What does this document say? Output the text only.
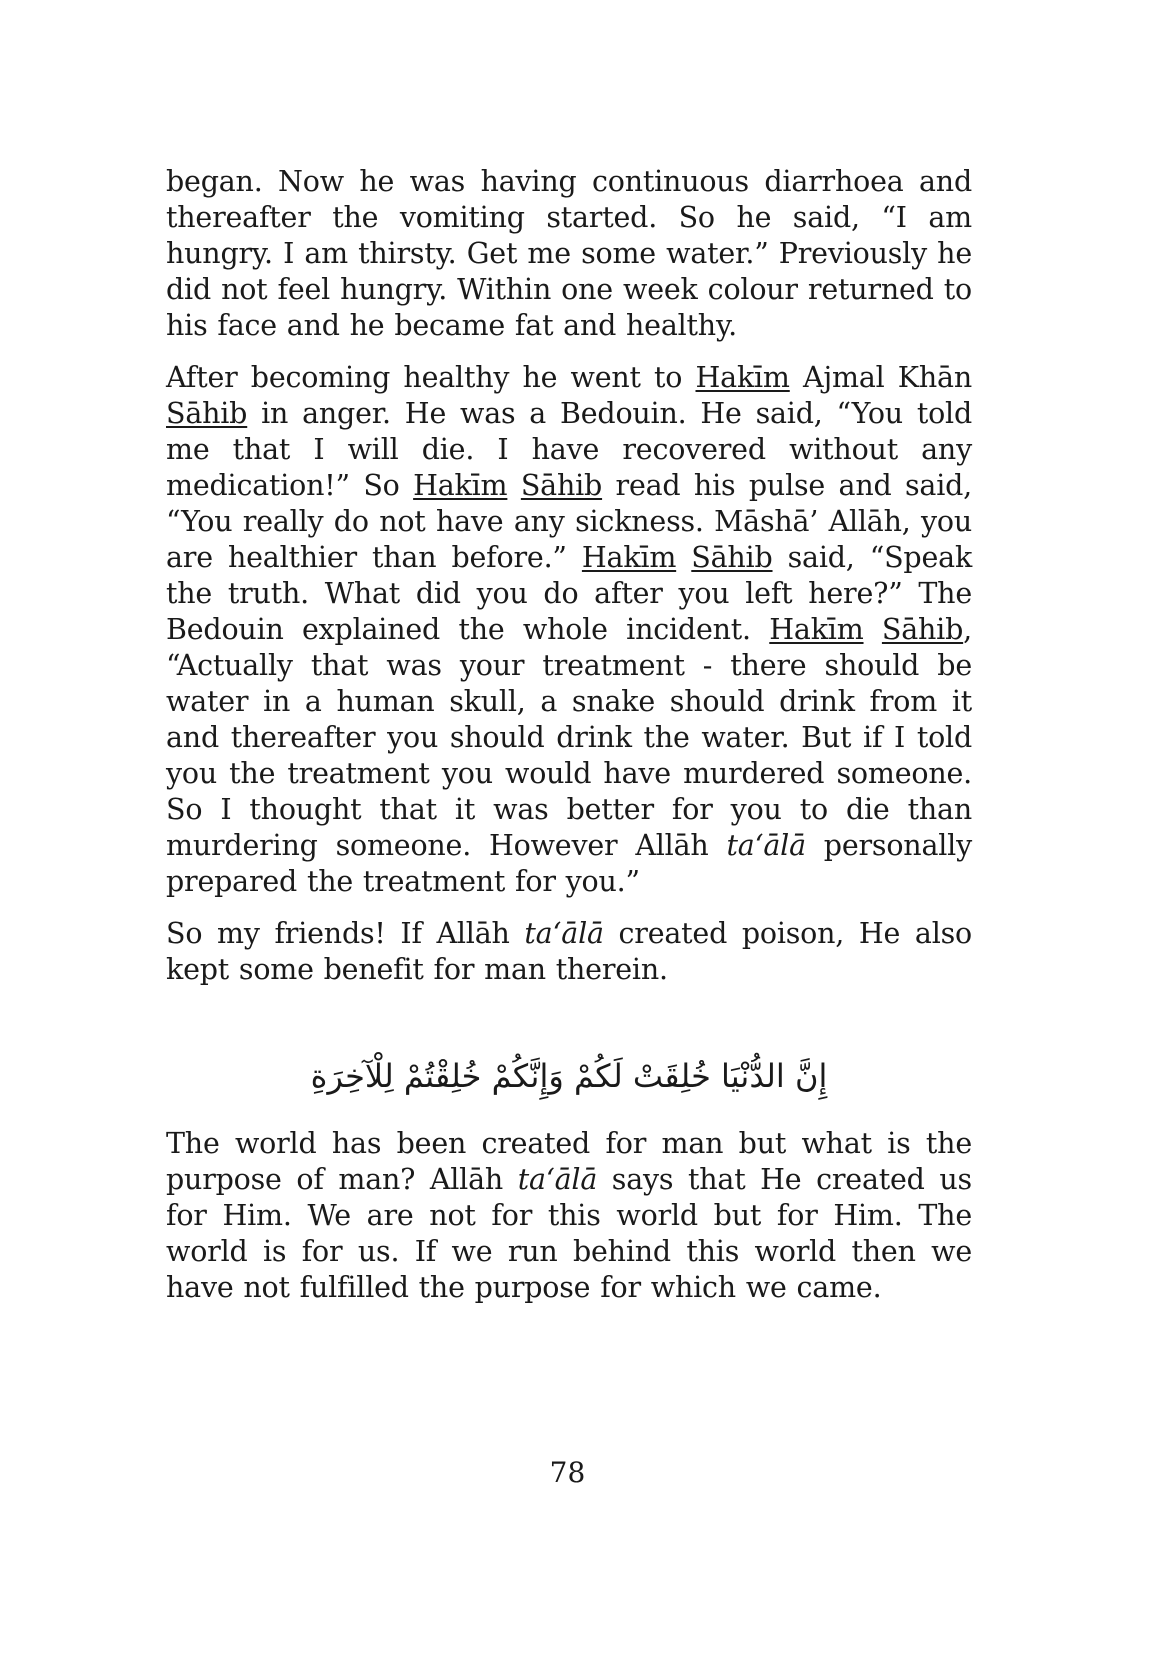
began. Now he was having continuous diarrhoea and thereafter the vomiting started. So he said, “I am hungry. I am thirsty. Get me some water.” Previously he did not feel hungry. Within one week colour returned to his face and he became fat and healthy.

After becoming healthy he went to Hakīm Ajmal Khān Sāhib in anger. He was a Bedouin. He said, “You told me that I will die. I have recovered without any medication!” So Hakīm Sāhib read his pulse and said, “You really do not have any sickness. Māshā’ Allāh, you are healthier than before.” Hakīm Sāhib said, “Speak the truth. What did you do after you left here?” The Bedouin explained the whole incident. Hakīm Sāhib, “Actually that was your treatment - there should be water in a human skull, a snake should drink from it and thereafter you should drink the water. But if I told you the treatment you would have murdered someone. So I thought that it was better for you to die than murdering someone. However Allāh ta‘ālā personally prepared the treatment for you.”

So my friends! If Allāh ta‘ālā created poison, He also kept some benefit for man therein.

إِنَّ الدُّنْيَا خُلِقَتْ لَكُمْ وَإِنَّكُمْ خُلِقْتُمْ لِلْآخِرَةِ

The world has been created for man but what is the purpose of man? Allāh ta‘ālā says that He created us for Him. We are not for this world but for Him. The world is for us. If we run behind this world then we have not fulfilled the purpose for which we came.

78
